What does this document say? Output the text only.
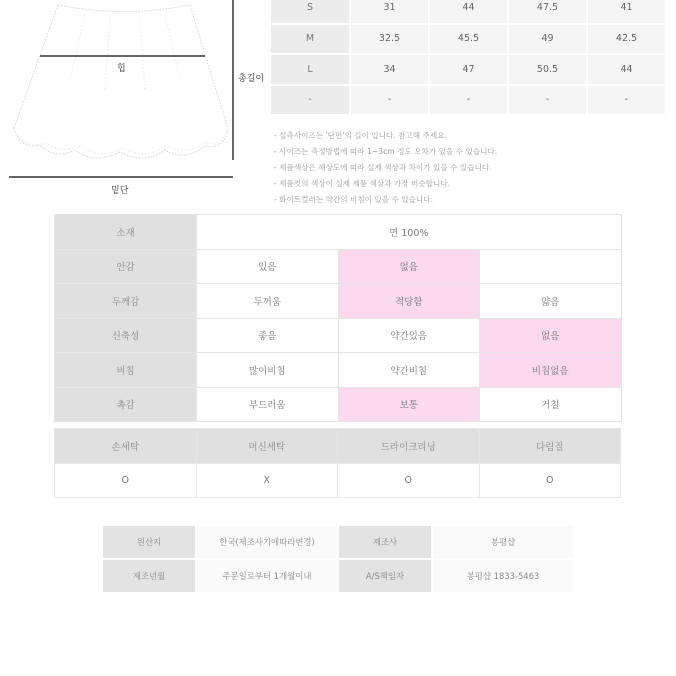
힙
총길이
밑단
S	31	44	47.5	41
M	32.5	45.5	49	42.5
L	34	47	50.5	44
-	-	-	-	-
- 실측사이즈는 '단면'의 길이 입니다. 참고해 주세요.
- 사이즈는 측정방법에 따라 1~3cm 정도 오차가 있을 수 있습니다.
- 제품색상은 해상도에 따라 실제 색상과 차이가 있을 수 있습니다.
- 제품컷의 색상이 실제 제품 색상과 가장 비슷합니다.
- 화이트컬러는 약간의 비침이 있을 수 있습니다.
소재	면 100%		
안감	있음	없음	
두께감	두꺼움	적당함	얇음
신축성	좋음	약간있음	없음
비침	많이비침	약간비침	비침없음
촉감	부드러움	보통	거칠
손세탁	머신세탁	드라이크리닝	다림질
O	X	O	O
원산지	한국(제조사기에따라변경)	제조사	봉평샵
제조년월	주문일로부터 1개월이내	A/S책임자	봉평샵 1833-5463
